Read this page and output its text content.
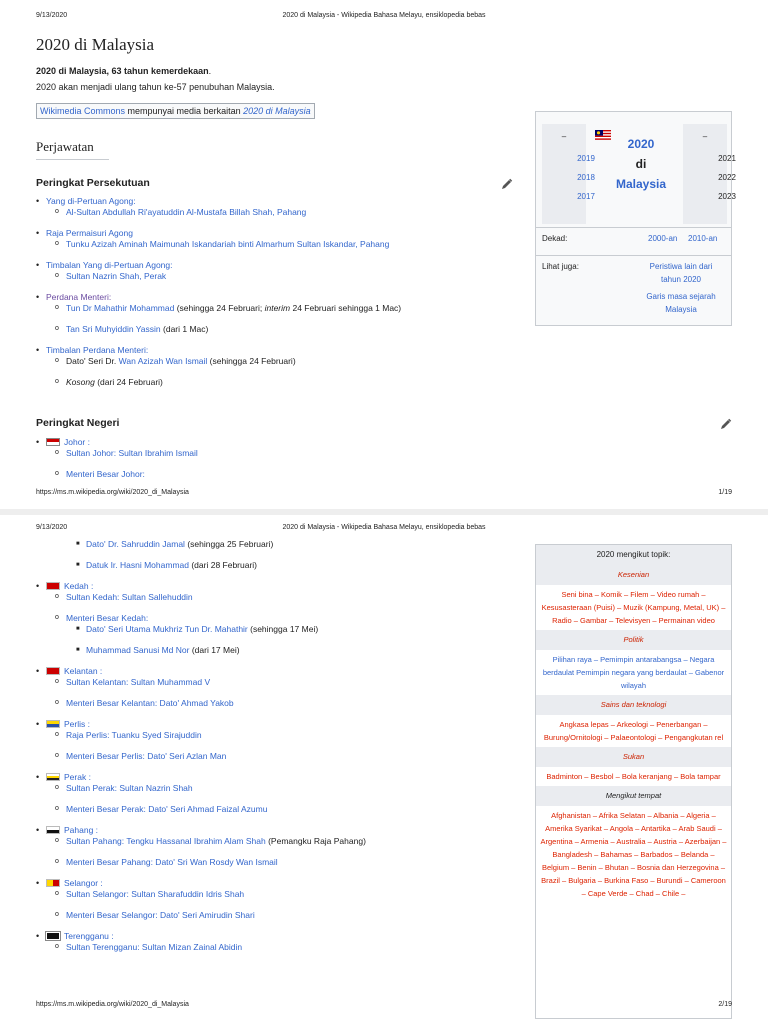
9/13/2020	2020 di Malaysia - Wikipedia Bahasa Melayu, ensiklopedia bebas
2020 di Malaysia
2020 di Malaysia, 63 tahun kemerdekaan.
2020 akan menjadi ulang tahun ke-57 penubuhan Malaysia.
Wikimedia Commons mempunyai media berkaitan 2020 di Malaysia
Perjawatan
Peringkat Persekutuan
• Yang di-Pertuan Agong:
o Al-Sultan Abdullah Ri'ayatuddin Al-Mustafa Billah Shah, Pahang
• Raja Permaisuri Agong
o Tunku Azizah Aminah Maimunah Iskandariah binti Almarhum Sultan Iskandar, Pahang
• Timbalan Yang di-Pertuan Agong:
o Sultan Nazrin Shah, Perak
• Perdana Menteri:
o Tun Dr Mahathir Mohammad (sehingga 24 Februari; interim 24 Februari sehingga 1 Mac)
o Tan Sri Muhyiddin Yassin (dari 1 Mac)
• Timbalan Perdana Menteri:
o Dato' Seri Dr. Wan Azizah Wan Ismail (sehingga 24 Februari)
o Kosong (dari 24 Februari)
Peringkat Negeri
• Johor :
o Sultan Johor: Sultan Ibrahim Ismail
o Menteri Besar Johor:
–
2019
2018
2017
2020
di
Malaysia
–
2021
2022
2023
Dekad:	2000-an 2010-an
Lihat juga:	Peristiwa lain dari tahun 2020
Garis masa sejarah Malaysia
https://ms.m.wikipedia.org/wiki/2020_di_Malaysia	1/19
9/13/2020	2020 di Malaysia - Wikipedia Bahasa Melayu, ensiklopedia bebas
■ Dato' Dr. Sahruddin Jamal (sehingga 25 Februari)
■ Datuk Ir. Hasni Mohammad (dari 28 Februari)
• Kedah :
o Sultan Kedah: Sultan Sallehuddin
o Menteri Besar Kedah:
■ Dato' Seri Utama Mukhriz Tun Dr. Mahathir (sehingga 17 Mei)
■ Muhammad Sanusi Md Nor (dari 17 Mei)
• Kelantan :
o Sultan Kelantan: Sultan Muhammad V
o Menteri Besar Kelantan: Dato' Ahmad Yakob
• Perlis :
o Raja Perlis: Tuanku Syed Sirajuddin
o Menteri Besar Perlis: Dato' Seri Azlan Man
• Perak :
o Sultan Perak: Sultan Nazrin Shah
o Menteri Besar Perak: Dato' Seri Ahmad Faizal Azumu
• Pahang :
o Sultan Pahang: Tengku Hassanal Ibrahim Alam Shah (Pemangku Raja Pahang)
o Menteri Besar Pahang: Dato' Sri Wan Rosdy Wan Ismail
• Selangor :
o Sultan Selangor: Sultan Sharafuddin Idris Shah
o Menteri Besar Selangor: Dato' Seri Amirudin Shari
• Terengganu :
o Sultan Terengganu: Sultan Mizan Zainal Abidin
2020 mengikut topik:
Kesenian
Seni bina – Komik – Filem – Video rumah – Kesusasteraan (Puisi) – Muzik (Kampung, Metal, UK) – Radio – Gambar – Televisyen – Permainan video
Politik
Pilihan raya – Pemimpin antarabangsa – Negara berdaulat Pemimpin negara yang berdaulat – Gabenor wilayah
Sains dan teknologi
Angkasa lepas – Arkeologi – Penerbangan – Burung/Ornitologi – Palaeontologi – Pengangkutan rel
Sukan
Badminton – Besbol – Bola keranjang – Bola tampar
Mengikut tempat
Afghanistan – Afrika Selatan – Albania – Algeria – Amerika Syarikat – Angola – Antartika – Arab Saudi – Argentina – Armenia – Australia – Austria – Azerbaijan – Bangladesh – Bahamas – Barbados – Belanda – Belgium – Benin – Bhutan – Bosnia dan Herzegovina – Brazil – Bulgaria – Burkina Faso – Burundi – Cameroon – Cape Verde – Chad – Chile –
https://ms.m.wikipedia.org/wiki/2020_di_Malaysia	2/19
